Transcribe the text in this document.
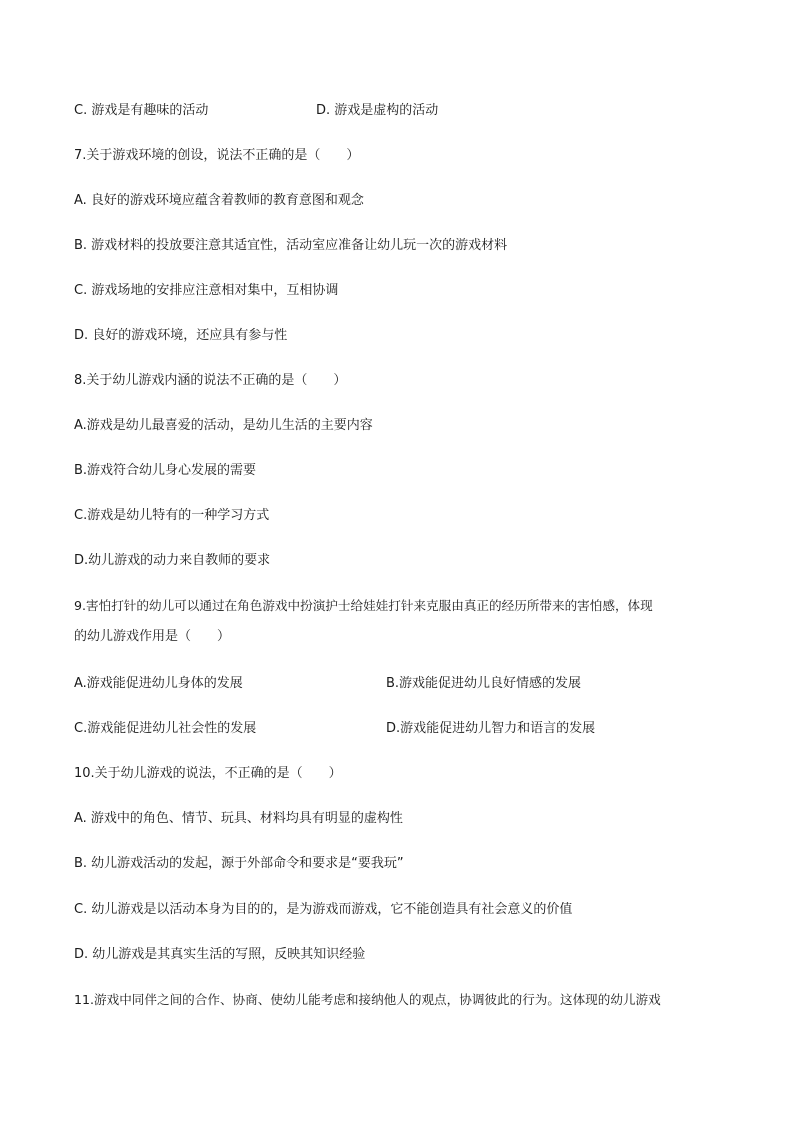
C. 游戏是有趣味的活动	D. 游戏是虚构的活动
7.关于游戏环境的创设，说法不正确的是（　　）
A. 良好的游戏环境应蕴含着教师的教育意图和观念
B. 游戏材料的投放要注意其适宜性，活动室应准备让幼儿玩一次的游戏材料
C. 游戏场地的安排应注意相对集中，互相协调
D. 良好的游戏环境，还应具有参与性
8.关于幼儿游戏内涵的说法不正确的是（　　）
A.游戏是幼儿最喜爱的活动，是幼儿生活的主要内容
B.游戏符合幼儿身心发展的需要
C.游戏是幼儿特有的一种学习方式
D.幼儿游戏的动力来自教师的要求
9.害怕打针的幼儿可以通过在角色游戏中扮演护士给娃娃打针来克服由真正的经历所带来的害怕感，体现
的幼儿游戏作用是（　　）
A.游戏能促进幼儿身体的发展	B.游戏能促进幼儿良好情感的发展
C.游戏能促进幼儿社会性的发展	D.游戏能促进幼儿智力和语言的发展
10.关于幼儿游戏的说法，不正确的是（　　）
A. 游戏中的角色、情节、玩具、材料均具有明显的虚构性
B. 幼儿游戏活动的发起，源于外部命令和要求是“要我玩”
C. 幼儿游戏是以活动本身为目的的，是为游戏而游戏，它不能创造具有社会意义的价值
D. 幼儿游戏是其真实生活的写照，反映其知识经验
11.游戏中同伴之间的合作、协商、使幼儿能考虑和接纳他人的观点，协调彼此的行为。这体现的幼儿游戏
